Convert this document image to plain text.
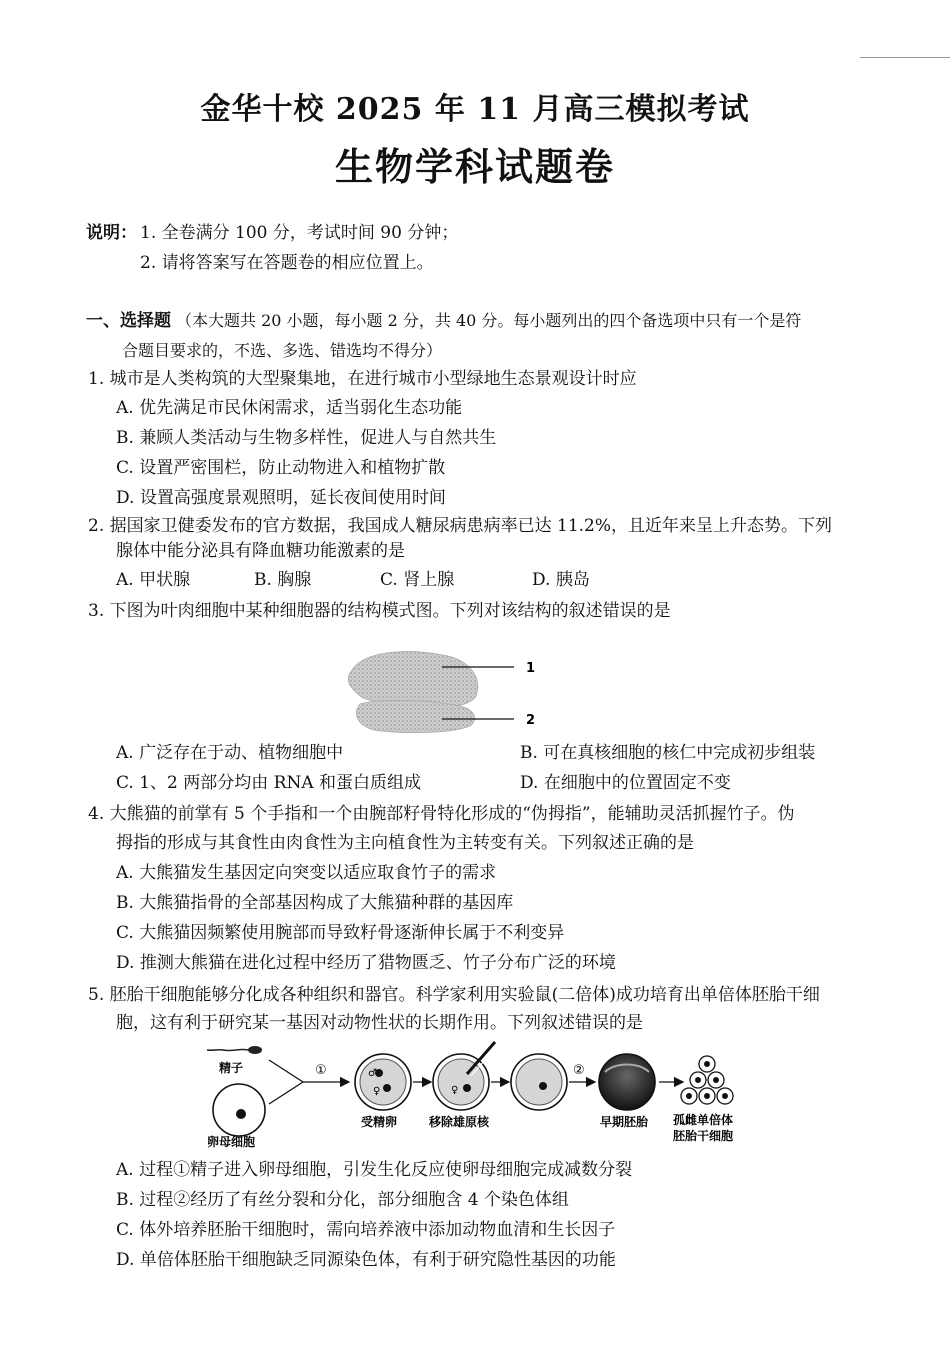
金华十校 2025 年 11 月高三模拟考试
生物学科试题卷
说明： 1. 全卷满分 100 分，考试时间 90 分钟；
2. 请将答案写在答题卷的相应位置上。
一、选择题 （本大题共 20 小题，每小题 2 分，共 40 分。每小题列出的四个备选项中只有一个是符
合题目要求的，不选、多选、错选均不得分）
1. 城市是人类构筑的大型聚集地，在进行城市小型绿地生态景观设计时应
A. 优先满足市民休闲需求，适当弱化生态功能
B. 兼顾人类活动与生物多样性，促进人与自然共生
C. 设置严密围栏，防止动物进入和植物扩散
D. 设置高强度景观照明，延长夜间使用时间
2. 据国家卫健委发布的官方数据，我国成人糖尿病患病率已达 11.2%，且近年来呈上升态势。下列
腺体中能分泌具有降血糖功能激素的是
A. 甲状腺	B. 胸腺	C. 肾上腺	D. 胰岛
3. 下图为叶肉细胞中某种细胞器的结构模式图。下列对该结构的叙述错误的是
1
2
A. 广泛存在于动、植物细胞中	B. 可在真核细胞的核仁中完成初步组装
C. 1、2 两部分均由 RNA 和蛋白质组成	D. 在细胞中的位置固定不变
4. 大熊猫的前掌有 5 个手指和一个由腕部籽骨特化形成的“伪拇指”，能辅助灵活抓握竹子。伪
拇指的形成与其食性由肉食性为主向植食性为主转变有关。下列叙述正确的是
A. 大熊猫发生基因定向突变以适应取食竹子的需求
B. 大熊猫指骨的全部基因构成了大熊猫种群的基因库
C. 大熊猫因频繁使用腕部而导致籽骨逐渐伸长属于不利变异
D. 推测大熊猫在进化过程中经历了猎物匮乏、竹子分布广泛的环境
5. 胚胎干细胞能够分化成各种组织和器官。科学家利用实验鼠(二倍体)成功培育出单倍体胚胎干细
胞，这有利于研究某一基因对动物性状的长期作用。下列叙述错误的是
精子
卵母细胞
①	♂
♀
受精卵
♀
移除雄原核
②
早期胚胎 孤雌单倍体
胚胎干细胞
A. 过程①精子进入卵母细胞，引发生化反应使卵母细胞完成减数分裂
B. 过程②经历了有丝分裂和分化，部分细胞含 4 个染色体组
C. 体外培养胚胎干细胞时，需向培养液中添加动物血清和生长因子
D. 单倍体胚胎干细胞缺乏同源染色体，有利于研究隐性基因的功能
